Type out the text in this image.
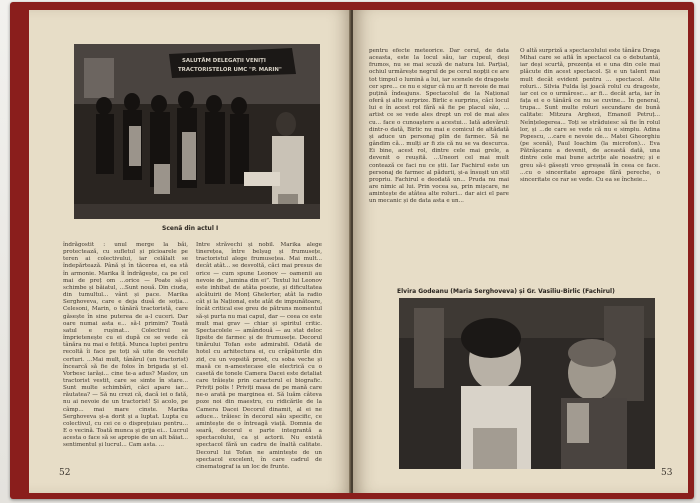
SALUTĂM DELEGAȚII VENIȚI
TRACTORISTELOR UMC "P. MARIN"
Scenă din actul I
îndrăgostit : unul merge la băi, protectează, cu sufletul și picioarele pe teren ai colectivului, iar celălalt se îndepărtează. Până și în tăcerea ei, ea stă în armonie. Marika îl îndrăgește, ca pe cel mai de preț om ...orice — Poate să-și schimbe și băiatul, ...Sunt nouă. Din ciuda, din tumultul... vânt și pace. Marika Serghoveva, care e deja dusă de soția... Celesoni, Marin, o tânără tractoristă, care găsește în sine puterea de a-l cuceri. Dar oare numai asta e... să-l primim? Toată satul e rușinat... Colectivul se împrietenește cu ei după ce se vede că tânăra nu mai e fetiță. Munca luptei pentru recoltă îi face pe toți să uite de vechile certuri. ...Mai mult, tânărul (un tractorist) încearcă să fie de folos în brigada și el. Vorbesc iarăși... cine te-a adus? Maslov, un tractorist vestit, care se simte în stare... Sunt multe schimbări, căci apare iar... răutatea? — Să nu crezi că, dacă iei o fată, nu ai nevoie de un tractorist! Și acolo, pe câmp... mai mare cinste. Marika Serghoveva și-a dorit și a luptat. Lupta cu colectivul, cu cei ce o disprețuiau pentru... E o vecină. Toată munca și grija ei... Lucrul acesta o face să se apropie de un alt băiat... sentimentul și lucrul... Cam asta. ...
Intre străvechi și nobil. Marika alege tinerețea, între belșug și frumusețe, tractoristul alege frumusețea. Mai mult... decât atât... se desvoltă, căci mai presus de orice — cum spune Leonov — oamenii au nevoie de „lumina din ei”. Textul lui Leonov este inhibat de atâta poezie, și dificultatea alcătuirii de Monț Ghelerter, atât la radio cât și la Național, este atât de impunătoare, încât critical ese greu de pătruns momentul să-și purta nu mai capul, dar — ceea ce este mult mai grav — chiar și spiritul critic. Spectacolele — amândouă — au stat deloc lipsite de farmec și de frumusețe. Decorul tinărului Tofan este admirabil. Odată de hotel cu arhitectura ei, cu crăpăturile din zid, cu un vopsită prost, cu soba veche și masă ce n-amestecase ele electrică cu o casetă de tonele Camera Dacei este detaliat care trăiește prin caracterul ei biografic. Priviți polis ! Priviți masa de pe mană care ne-o arată pe marginea ei. Să luăm câteva poze noi din maestru, cu ridicările de la Camera Dacei Decorul dinamit, al ei ne aduce... trăiesc în decorul său specific, ce amintește de o întreagă viață. Domnia de seară, decorul e parte integrantă a spectacolului, ca și actorii. Nu există spectacol fără un cadru de înaltă calitate. Decorul lui Tofan ne amintește de un spectacol excelent, în care cadrul de cinematograf ia un loc de frunte.
52
pentru efecte meteorice. Dar cerul, de data aceasta, este la locul său, iar cupeul, deși frumos, nu se mai scuză de natura lui. Parțial, ochiul urmărește negrul de pe cerul nopții ce are tot timpul o lumină a lui, iar scenele de dragoste cer spre... ce nu e sigur că nu ar fi nevoie de mai puțină îndeajuns. Spectacolul de la Național oferă și alte surprize. Birlic e surprins, căci locul lui e în acest rol fără să fie pe placul său, ... artist ce se vede ales drept un rol de mai ales cu... face o cunoaștere a acestui... Iată adevărul: dintr-o dată, Birlic nu mai e comicul de altădată și aduce un personaj plin de farmec. Să ne gândim că... mulți ar fi zis că nu se va descurca. Ei bine, acest rol, dintre cele mai grele, a devenit o reușită. ...Uneori cel mai mult contează ce faci nu ce știi. Iar Fachirul este un personaj de farmec al pădurii, și-a însușit un stil propriu. Fachirul e deodată un... Pruda nu mai are nimic al lui. Prin vocea sa, prin mișcare, ne amintește de atâtea alte roluri... dar aici el pare un mecanic și de data asta e un...
O altă surpriză a spectacolului este tânăra Draga Mihai care se află în spectacol ca o debutantă, iar deși scurtă, prezența ei e una din cele mai plăcute din acest spectacol. Și e un talent mai mult decât evident pentru ... spectacol. Alte roluri... Silvia Fulda își joacă rolul cu dragoste, iar cei ce o urmăresc... ar fi... decât arta, iar în fața ei e o tânără ce nu se cuvine... În general, trupa... Sunt multe roluri secundare de bună calitate: Mitzura Arghezi, Emanoil Petruț... Neînțelegerea... Toți se străduiesc să fie în rolul lor, și ...de care se vede că nu e simplu. Adina Popescu, ...care e nevoie de... Matei Gheorghiu (pe scenă), Paul Ioachim (la microfon)... Eva Pătrășcanu a devenit, de această dată, una dintre cele mai bune actrițe ale noastre; și e greu să-i găsești vreo greșeală în ceea ce face. ...cu o sinceritate aproape fără pereche, o sinceritate ce rar se vede. Cu ea se încheie...
Elvira Godeanu (Maria Serghoveva) și Gr. Vasiliu-Birlic (Fachirul)
53
